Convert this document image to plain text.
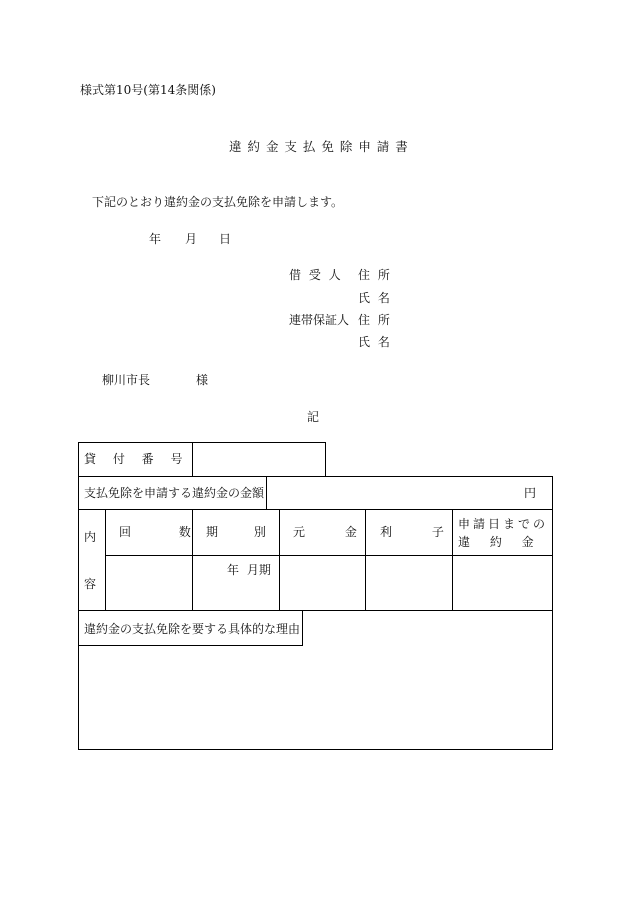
様式第10号(第14条関係)
違 約 金 支 払 免 除 申 請 書
下記のとおり違約金の支払免除を申請します。
年 月 日
借 受 人 住 所
氏 名
連帯保証人 住 所
氏 名
柳川市長	様
記
貸 付 番 号
支払免除を申請する違約金の金額	円
内
容
回 数 期 別 元 金 利 子
申請日までの
違 約 金
年 月期
違約金の支払免除を要する具体的な理由
